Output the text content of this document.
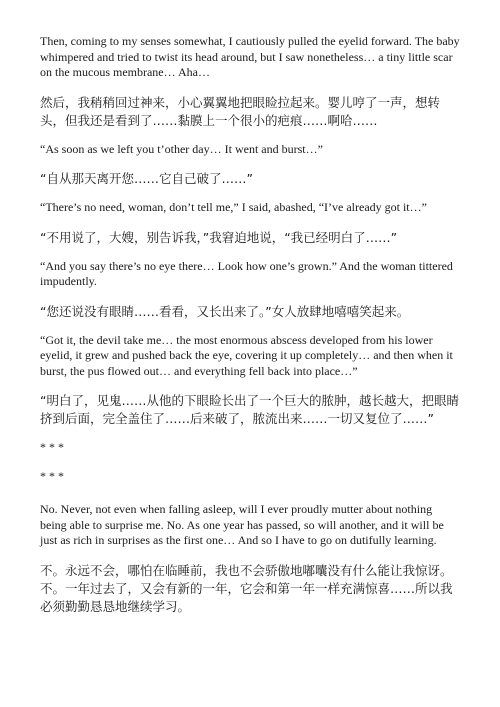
Then, coming to my senses somewhat, I cautiously pulled the eyelid forward. The baby whimpered and tried to twist its head around, but I saw nonetheless… a tiny little scar on the mucous membrane… Aha…

然后，我稍稍回过神来，小心翼翼地把眼睑拉起来。婴儿哼了一声，想转头，但我还是看到了……黏膜上一个很小的疤痕……啊哈……

“As soon as we left you t’other day… It went and burst…”

“自从那天离开您……它自己破了……”

“There’s no need, woman, don’t tell me,” I said, abashed, “I’ve already got it…”

“不用说了，大嫂，别告诉我，”我窘迫地说，“我已经明白了……”

“And you say there’s no eye there… Look how one’s grown.” And the woman tittered impudently.

“您还说没有眼睛……看看，又长出来了。”女人放肆地嘻嘻笑起来。

“Got it, the devil take me… the most enormous abscess developed from his lower eyelid, it grew and pushed back the eye, covering it up completely… and then when it burst, the pus flowed out… and everything fell back into place…”

“明白了，见鬼……从他的下眼睑长出了一个巨大的脓肿，越长越大，把眼睛挤到后面，完全盖住了……后来破了，脓流出来……一切又复位了……”

* * *

* * *

No. Never, not even when falling asleep, will I ever proudly mutter about nothing being able to surprise me. No. As one year has passed, so will another, and it will be just as rich in surprises as the first one… And so I have to go on dutifully learning.

不。永远不会，哪怕在临睡前，我也不会骄傲地嘟囔没有什么能让我惊讶。不。一年过去了，又会有新的一年，它会和第一年一样充满惊喜……所以我必须勤勤恳恳地继续学习。
